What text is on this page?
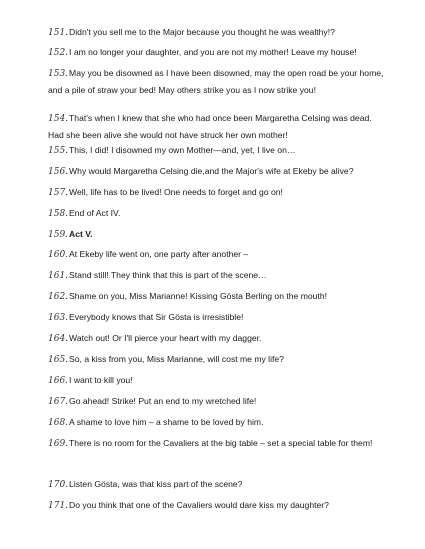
151.Didn't you sell me to the Major because you thought he was wealthy!?
152.I am no longer your daughter, and you are not my mother! Leave my house!
153.May you be disowned as I have been disowned, may the open road be your home, and a pile of straw your bed! May others strike you as I now strike you!
154.That's when I knew that she who had once been Margaretha Celsing was dead. Had she been alive she would not have struck her own mother!
155.This, I did! I disowned my own Mother—and, yet, I live on…
156.Why would Margaretha Celsing die,and the Major's wife at Ekeby be alive?
157.Well, life has to be lived! One needs to forget and go on!
158.End of Act IV.
159.Act V.
160.At Ekeby life went on, one party after another –
161.Stand still! They think that this is part of the scene…
162.Shame on you, Miss Marianne! Kissing Gösta Berling on the mouth!
163.Everybody knows that Sir Gösta is irresistible!
164.Watch out! Or I'll pierce your heart with my dagger.
165.So, a kiss from you, Miss Marianne, will cost me my life?
166.I want to kill you!
167.Go ahead! Strike! Put an end to my wretched life!
168.A shame to love him – a shame to be loved by him.
169.There is no room for the Cavaliers at the big table – set a special table for them!
170.Listen Gösta, was that kiss part of the scene?
171.Do you think that one of the Cavaliers would dare kiss my daughter?
